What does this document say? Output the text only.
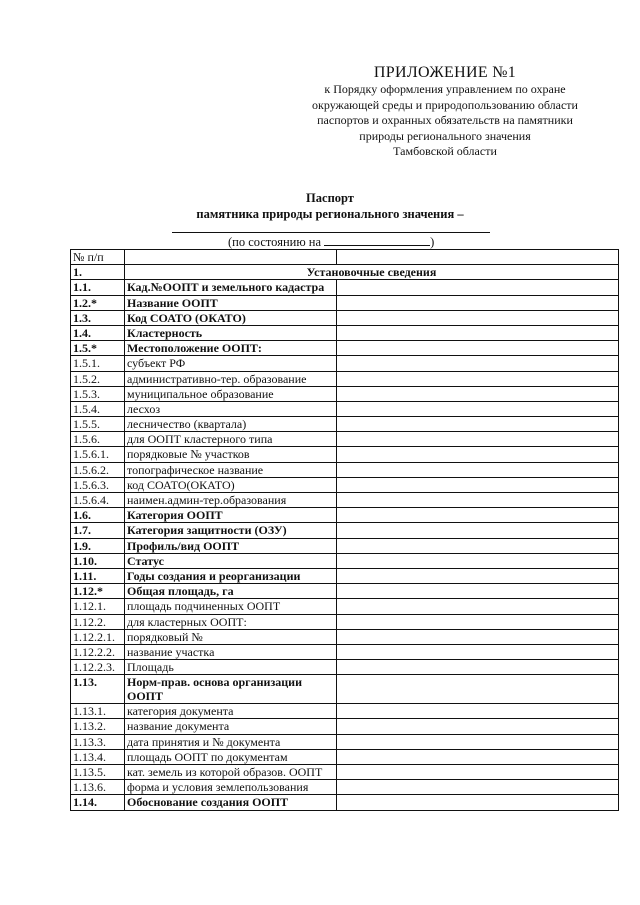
ПРИЛОЖЕНИЕ №1
к Порядку оформления управлением по охране
окружающей среды и природопользованию области
паспортов и охранных обязательств на памятники
природы регионального значения
Тамбовской области
Паспорт
памятника природы регионального значения –
(по состоянию на	)
№ п/п		
1.	Установочные сведения	
1.1.	Кад.№ООПТ и земельного кадастра	
1.2.*	Название ООПТ	
1.3.	Код СОАТО (ОКАТО)	
1.4.	Кластерность	
1.5.*	Местоположение ООПТ:	
1.5.1.	субъект РФ	
1.5.2.	административно-тер. образование	
1.5.3.	муниципальное образование	
1.5.4.	лесхоз	
1.5.5.	лесничество (квартала)	
1.5.6.	для ООПТ кластерного типа	
1.5.6.1.	порядковые № участков	
1.5.6.2.	топографическое название	
1.5.6.3.	код СОАТО(ОКАТО)	
1.5.6.4.	наимен.админ-тер.образования	
1.6.	Категория ООПТ	
1.7.	Категория защитности (ОЗУ)	
1.9.	Профиль/вид ООПТ	
1.10.	Статус	
1.11.	Годы создания и реорганизации	
1.12.*	Общая площадь, га	
1.12.1.	площадь подчиненных ООПТ	
1.12.2.	для кластерных ООПТ:	
1.12.2.1.	порядковый №	
1.12.2.2.	название участка	
1.12.2.3.	Площадь	
1.13.	Норм-прав. основа организации ООПТ	
1.13.1.	категория документа	
1.13.2.	название документа	
1.13.3.	дата принятия и № документа	
1.13.4.	площадь ООПТ по документам	
1.13.5.	кат. земель из которой образов. ООПТ	
1.13.6.	форма и условия землепользования	
1.14.	Обоснование создания ООПТ	
